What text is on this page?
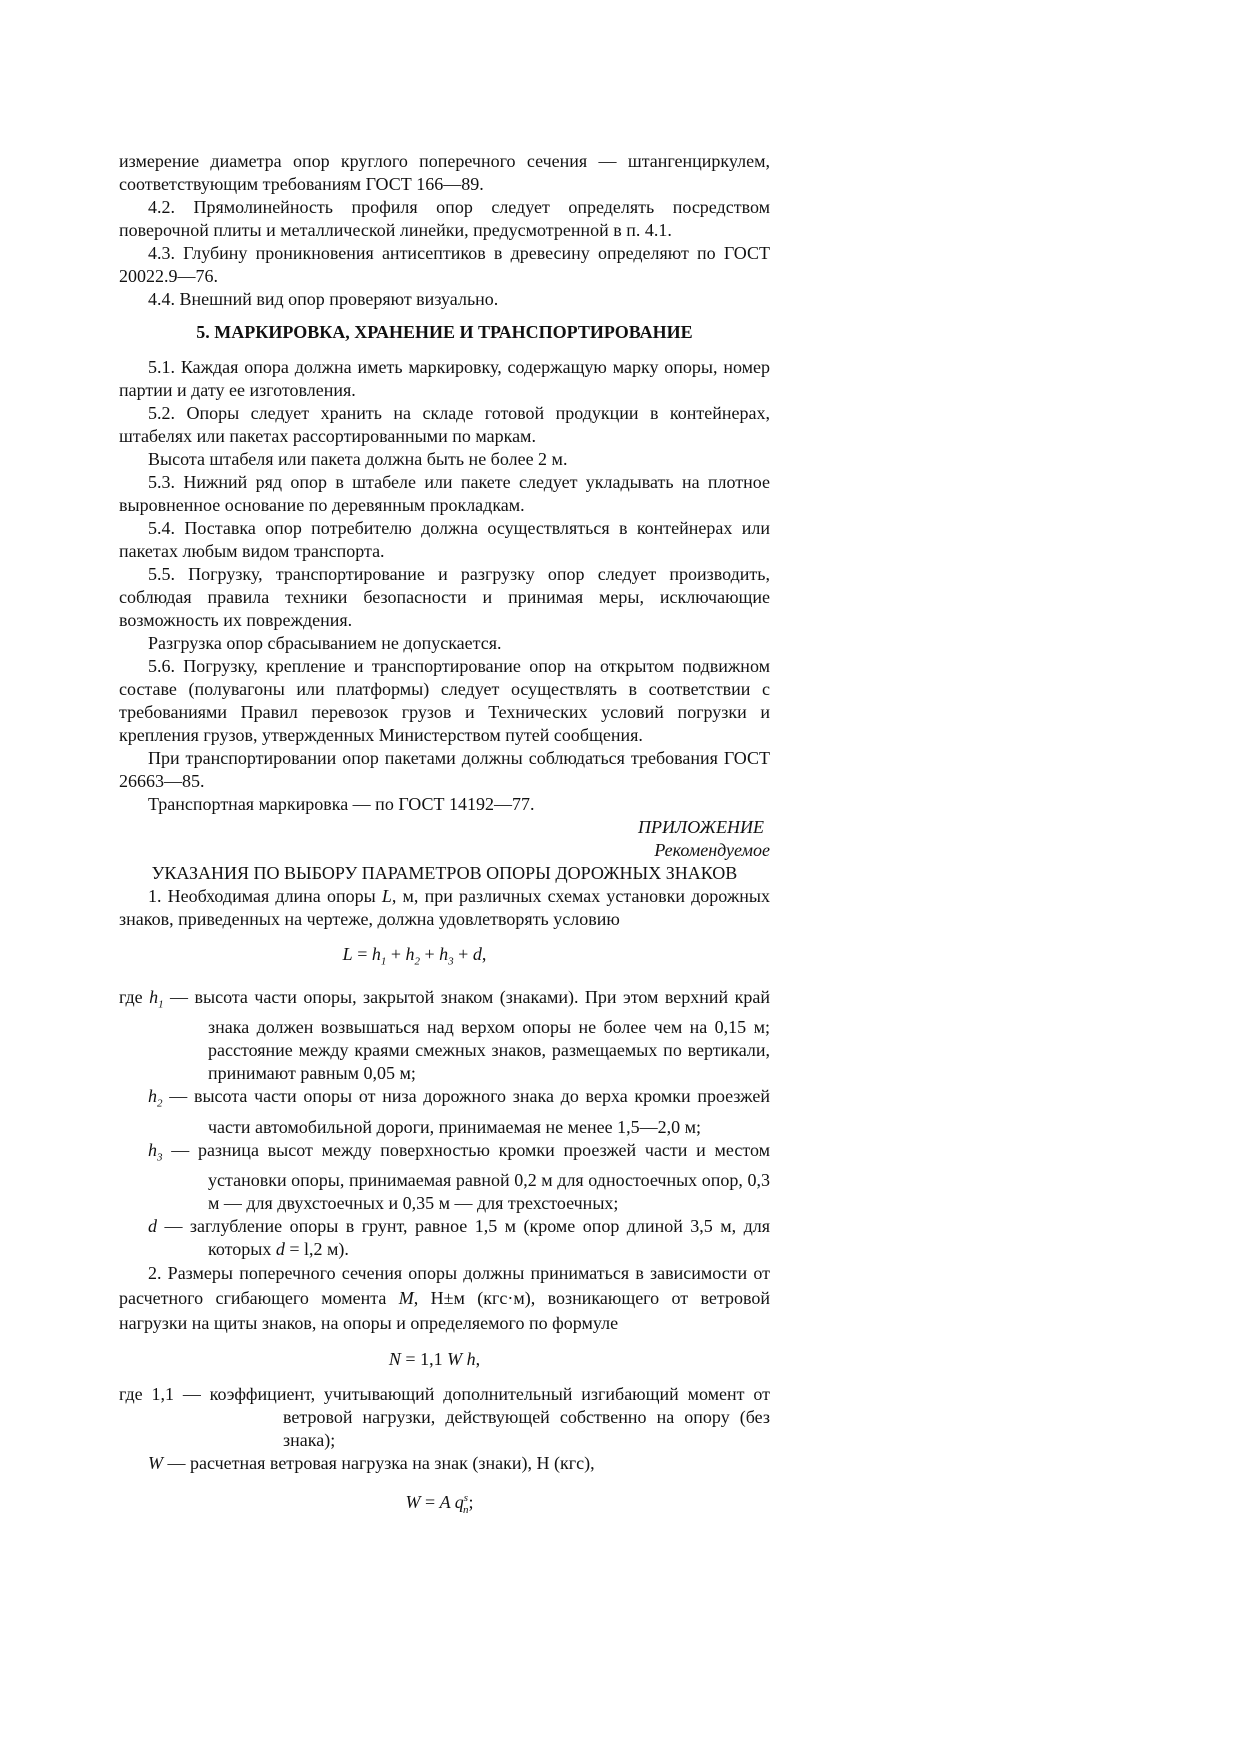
измерение диаметра опор круглого поперечного сечения — штангенциркулем, соответствующим требованиям ГОСТ 166—89.

4.2. Прямолинейность профиля опор следует определять посредством поверочной плиты и металлической линейки, предусмотренной в п. 4.1.

4.3. Глубину проникновения антисептиков в древесину определяют по ГОСТ 20022.9—76.

4.4. Внешний вид опор проверяют визуально.

5. МАРКИРОВКА, ХРАНЕНИЕ И ТРАНСПОРТИРОВАНИЕ

5.1. Каждая опора должна иметь маркировку, содержащую марку опоры, номер партии и дату ее изготовления.

5.2. Опоры следует хранить на складе готовой продукции в контейнерах, штабелях или пакетах рассортированными по маркам.

Высота штабеля или пакета должна быть не более 2 м.

5.3. Нижний ряд опор в штабеле или пакете следует укладывать на плотное выровненное основание по деревянным прокладкам.

5.4. Поставка опор потребителю должна осуществляться в контейнерах или пакетах любым видом транспорта.

5.5. Погрузку, транспортирование и разгрузку опор следует производить, соблюдая правила техники безопасности и принимая меры, исключающие возможность их повреждения.

Разгрузка опор сбрасыванием не допускается.

5.6. Погрузку, крепление и транспортирование опор на открытом подвижном составе (полувагоны или платформы) следует осуществлять в соответствии с требованиями Правил перевозок грузов и Технических условий погрузки и крепления грузов, утвержденных Министерством путей сообщения.

При транспортировании опор пакетами должны соблюдаться требования ГОСТ 26663—85.

Транспортная маркировка — по ГОСТ 14192—77.

ПРИЛОЖЕНИЕ

Рекомендуемое

УКАЗАНИЯ ПО ВЫБОРУ ПАРАМЕТРОВ ОПОРЫ ДОРОЖНЫХ ЗНАКОВ

1. Необходимая длина опоры L, м, при различных схемах установки дорожных знаков, приведенных на чертеже, должна удовлетворять условию

$L = h_1 + h_2 + h_3 + d$,

где $h_1$ — высота части опоры, закрытой знаком (знаками). При этом верхний край знака должен возвышаться над верхом опоры не более чем на 0,15 м; расстояние между краями смежных знаков, размещаемых по вертикали, принимают равным 0,05 м;

$h_2$ — высота части опоры от низа дорожного знака до верха кромки проезжей части автомобильной дороги, принимаемая не менее 1,5—2,0 м;

$h_3$ — разница высот между поверхностью кромки проезжей части и местом установки опоры, принимаемая равной 0,2 м для одностоечных опор, 0,3 м — для двухстоечных и 0,35 м — для трехстоечных;

d — заглубление опоры в грунт, равное 1,5 м (кроме опор длиной 3,5 м, для которых d = l,2 м).

2. Размеры поперечного сечения опоры должны приниматься в зависимости от расчетного сгибающего момента M, Н±м (кгс·м), возникающего от ветровой нагрузки на щиты знаков, на опоры и определяемого по формуле

N = 1,1 W h,

где 1,1 — коэффициент, учитывающий дополнительный изгибающий момент от ветровой нагрузки, действующей собственно на опору (без знака);

W — расчетная ветровая нагрузка на знак (знаки), Н (кгс),

W = A $q^s_n$;
